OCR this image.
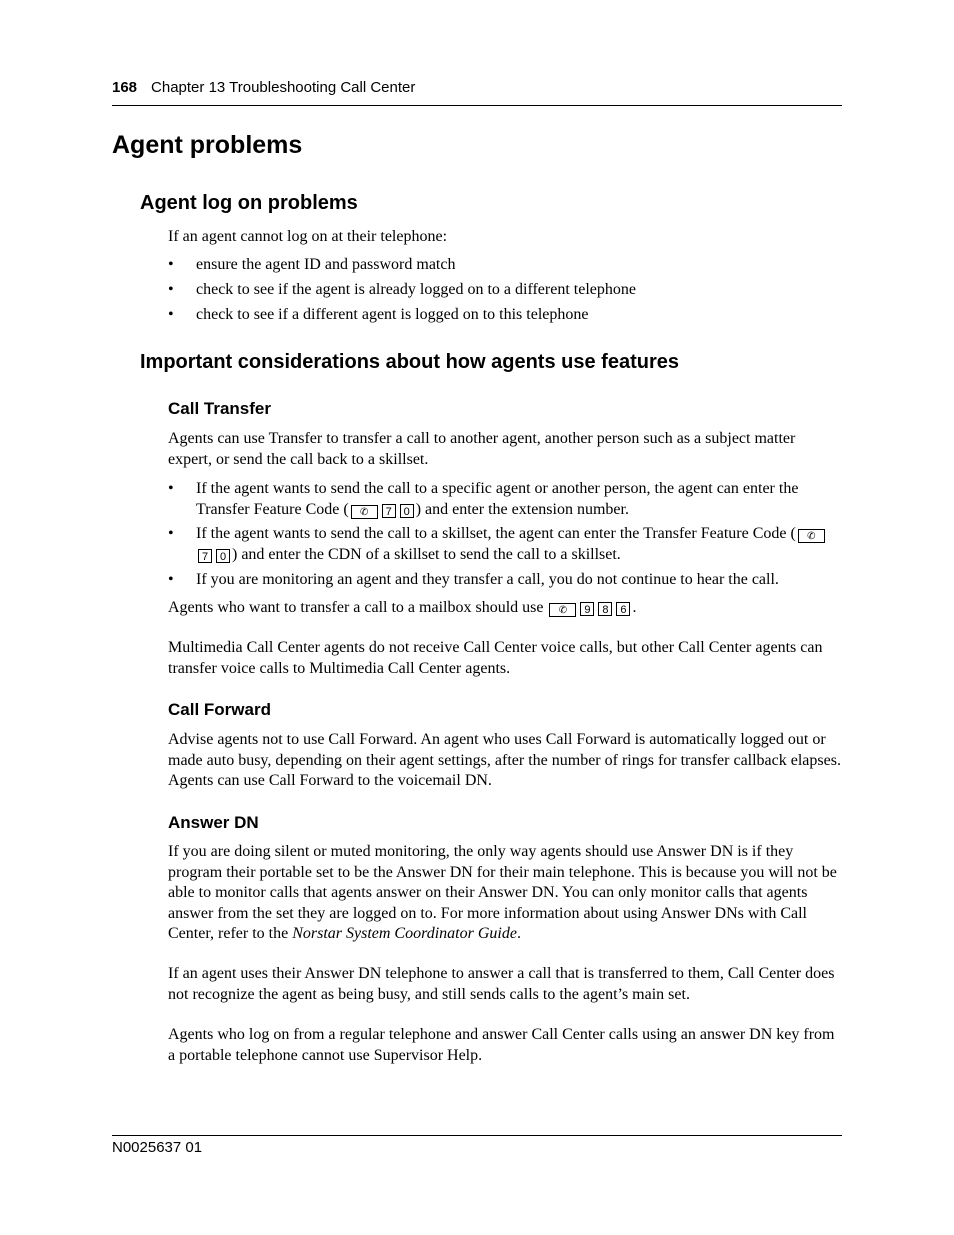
168 Chapter 13 Troubleshooting Call Center
Agent problems
Agent log on problems
If an agent cannot log on at their telephone:
• ensure the agent ID and password match
• check to see if the agent is already logged on to a different telephone
• check to see if a different agent is logged on to this telephone
Important considerations about how agents use features
Call Transfer
Agents can use Transfer to transfer a call to another agent, another person such as a subject matter expert, or send the call back to a skillset.
• If the agent wants to send the call to a specific agent or another person, the agent can enter the Transfer Feature Code ( ✆ 7 0 ) and enter the extension number.
• If the agent wants to send the call to a skillset, the agent can enter the Transfer Feature Code ( ✆7 0 ) and enter the CDN of a skillset to send the call to a skillset.
• If you are monitoring an agent and they transfer a call, you do not continue to hear the call.
Agents who want to transfer a call to a mailbox should use ✆ 9 8 6 .
Multimedia Call Center agents do not receive Call Center voice calls, but other Call Center agents can transfer voice calls to Multimedia Call Center agents.
Call Forward
Advise agents not to use Call Forward. An agent who uses Call Forward is automatically logged out or made auto busy, depending on their agent settings, after the number of rings for transfer callback elapses. Agents can use Call Forward to the voicemail DN.
Answer DN
If you are doing silent or muted monitoring, the only way agents should use Answer DN is if they program their portable set to be the Answer DN for their main telephone. This is because you will not be able to monitor calls that agents answer on their Answer DN. You can only monitor calls that agents answer from the set they are logged on to. For more information about using Answer DNs with Call Center, refer to the Norstar System Coordinator Guide.
If an agent uses their Answer DN telephone to answer a call that is transferred to them, Call Center does not recognize the agent as being busy, and still sends calls to the agent’s main set.
Agents who log on from a regular telephone and answer Call Center calls using an answer DN key from a portable telephone cannot use Supervisor Help.
N0025637 01
